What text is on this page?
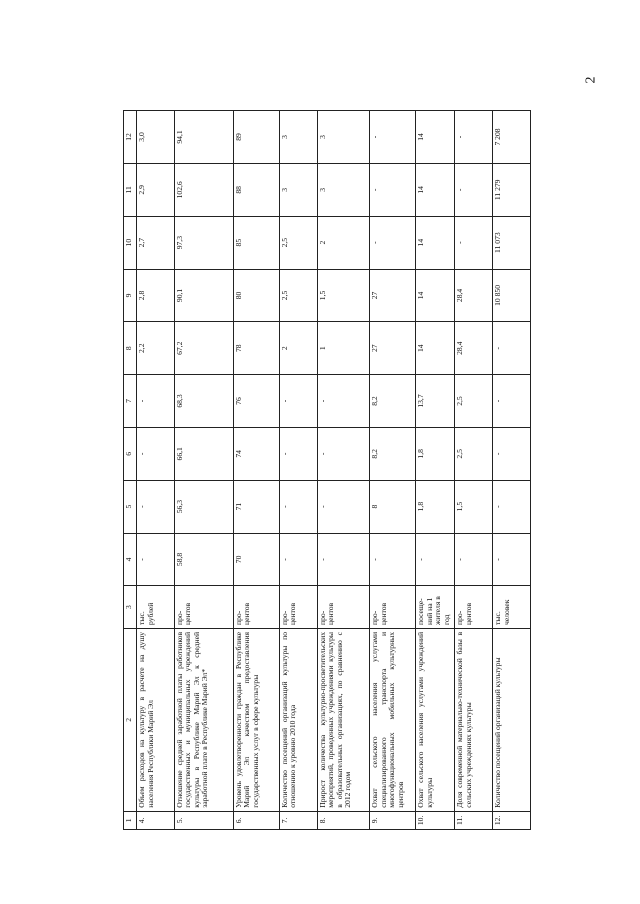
2
1	2	3	4	5	6	7	8	9	10	11	12
4.	Объем расходов на культуру в расчете на душу населения Республики Марий Эл	тыс. рублей	-	-	-	-	2,2	2,8	2,7	2,9	3,0
5.	Отношение средней заработной платы работников государственных и муниципальных учреждений культуры в Республике Марий Эл к средней заработной плате в Республике Марий Эл*	про-центов	58,8	56,3	66,1	68,3	67,2	90,1	97,3	102,6	94,1
6.	Уровень удовлетворенности граждан в Республике Марий Эл качеством предоставления государственных услуг в сфере культуры	про-центов	70	71	74	76	78	80	85	88	89
7.	Количество посещений организаций культуры по отношению к уровню 2010 года	про-центов	-	-	-	-	2	2,5	2,5	3	3
8.	Прирост количества культурно-просветительских мероприятий, проведенных учреждениями культуры в образовательных организациях, по сравнению с 2012 годом	про-центов	-	-	-	-	1	1,5	2	3	3
9.	Охват сельского населения услугами специализированного транспорта и многофункциональных мобильных культурных центров	про-центов	-	8	8,2	8,2	27	27	-	-	-
10.	Охват сельского населения услугами учреждений культуры	посеще-ний на 1 жителя в год	-	1,8	1,8	13,7	14	14	14	14	14
11.	Доля современной материально-технической базы в сельских учреждениях культуры	про-центов	-	1,5	2,5	2,5	28,4	28,4	-	-	-
12.	Количество посещений организаций культуры	тыс. человек	-	-	-	-	-	10 850	11 073	11 279	7 208
